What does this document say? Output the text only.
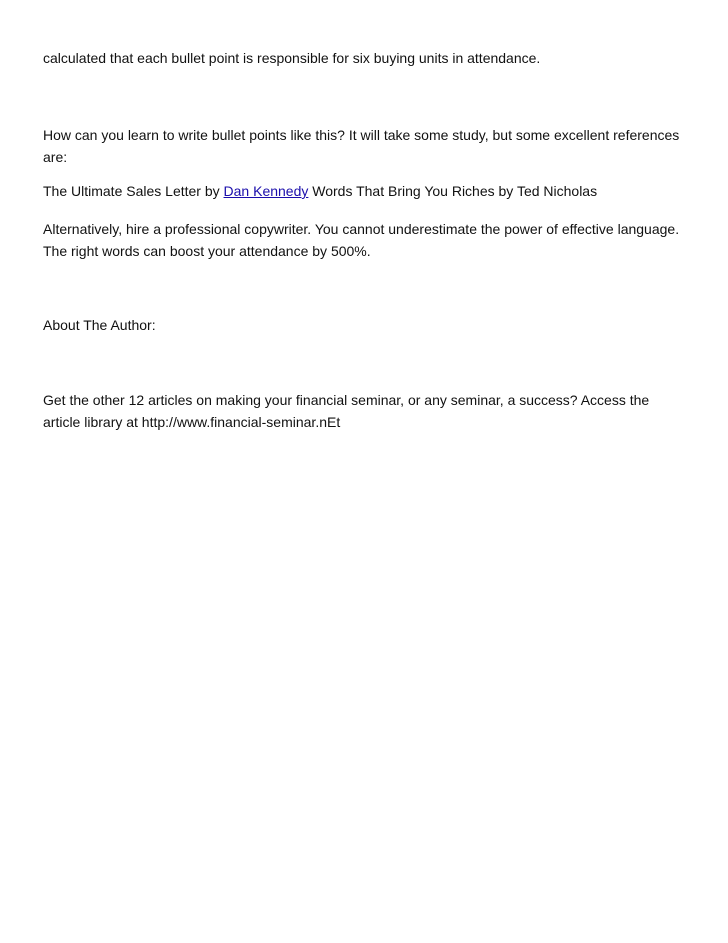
calculated that each bullet point is responsible for six buying units in attendance.

How can you learn to write bullet points like this? It will take some study, but some excellent references are:

The Ultimate Sales Letter by Dan Kennedy Words That Bring You Riches by Ted Nicholas

Alternatively, hire a professional copywriter. You cannot underestimate the power of effective language. The right words can boost your attendance by 500%.

About The Author:

Get the other 12 articles on making your financial seminar, or any seminar, a success? Access the article library at http://www.financial-seminar.nEt
